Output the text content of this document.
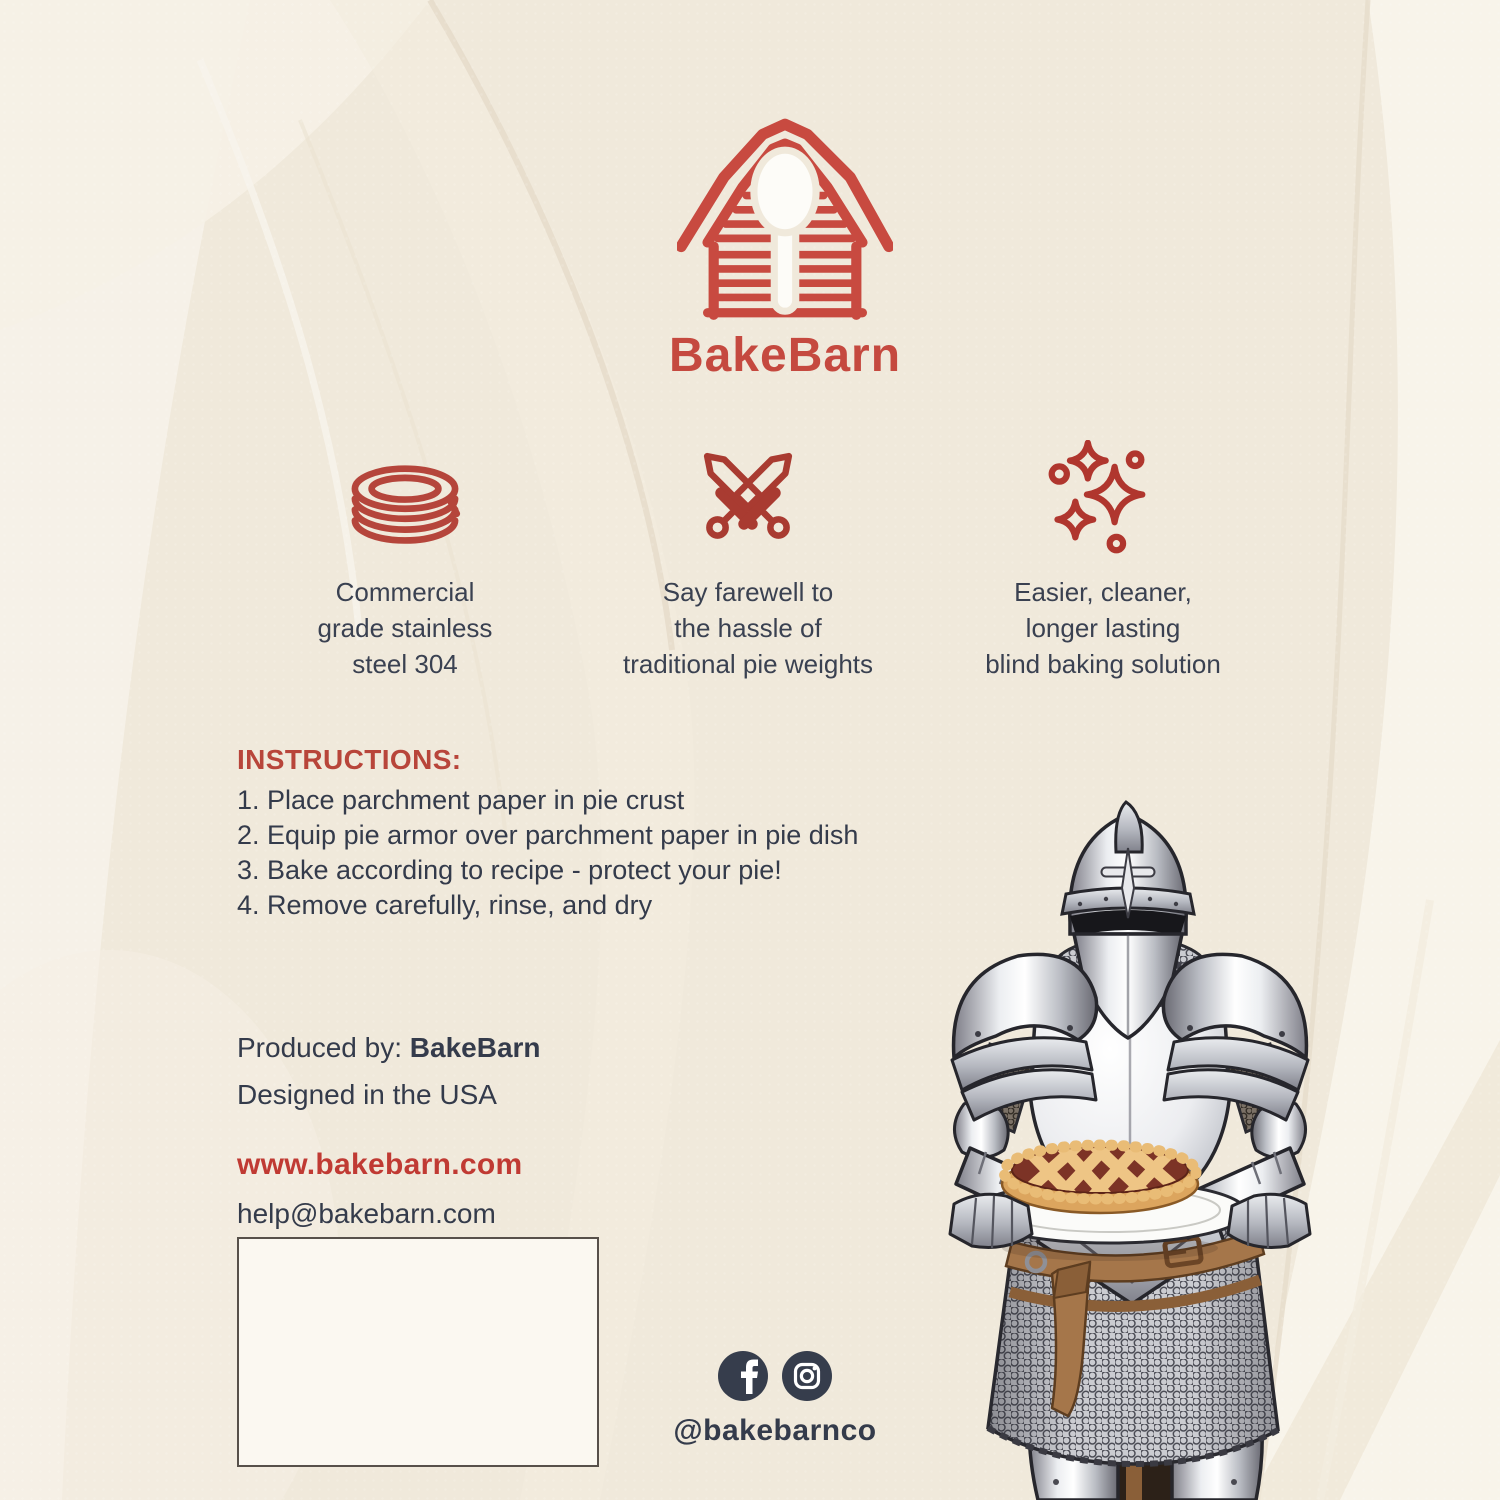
BakeBarn
Commercial
grade stainless
steel 304
Say farewell to
the hassle of
traditional pie weights
Easier, cleaner,
longer lasting
blind baking solution
INSTRUCTIONS:
1. Place parchment paper in pie crust
2. Equip pie armor over parchment paper in pie dish
3. Bake according to recipe - protect your pie!
4. Remove carefully, rinse, and dry
Produced by: BakeBarn
Designed in the USA
www.bakebarn.com
help@bakebarn.com
@bakebarnco
